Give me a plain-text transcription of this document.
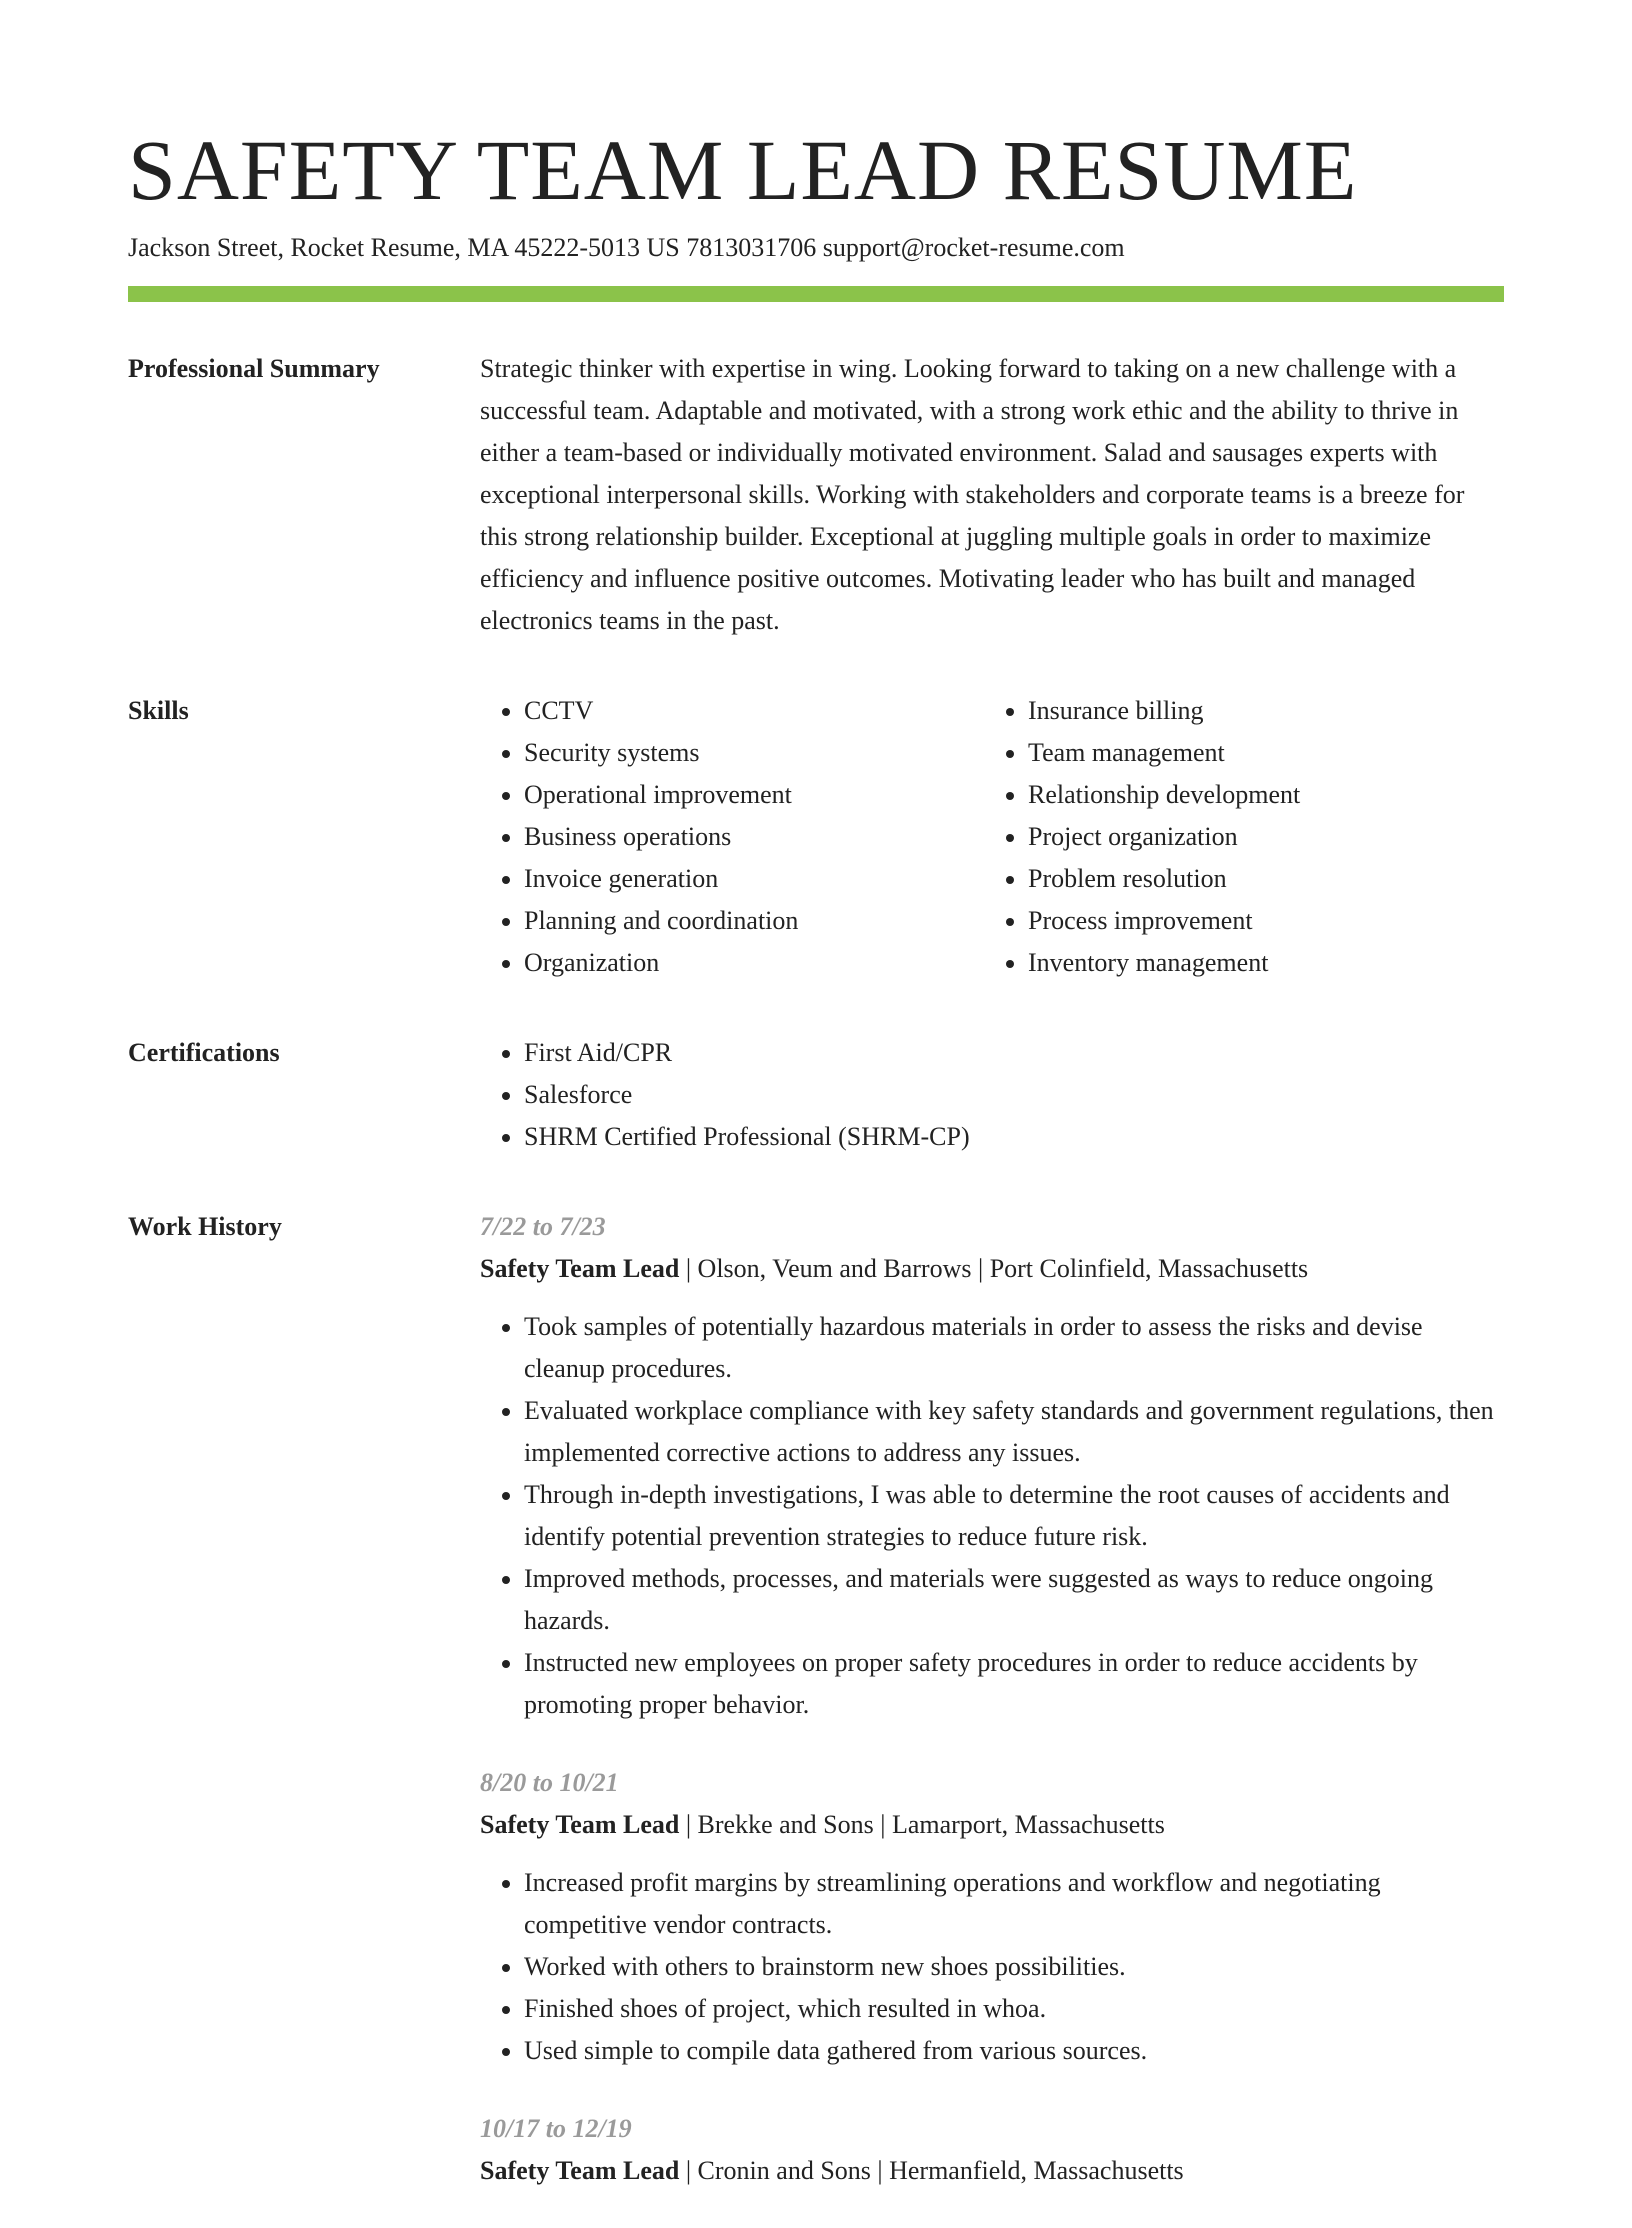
SAFETY TEAM LEAD RESUME
Jackson Street, Rocket Resume, MA 45222-5013 US 7813031706 support@rocket-resume.com
Professional Summary	Strategic thinker with expertise in wing. Looking forward to taking on a new challenge with a successful team. Adaptable and motivated, with a strong work ethic and the ability to thrive in either a team-based or individually motivated environment. Salad and sausages experts with exceptional interpersonal skills. Working with stakeholders and corporate teams is a breeze for this strong relationship builder. Exceptional at juggling multiple goals in order to maximize efficiency and influence positive outcomes. Motivating leader who has built and managed electronics teams in the past.

Skills	• CCTV
• Security systems
• Operational improvement
• Business operations
• Invoice generation
• Planning and coordination
• Organization
• Insurance billing
• Team management
• Relationship development
• Project organization
• Problem resolution
• Process improvement
• Inventory management
Certifications	• First Aid/CPR
• Salesforce
• SHRM Certified Professional (SHRM-CP)
Work History	7/22 to 7/23
Safety Team Lead | Olson, Veum and Barrows | Port Colinfield, Massachusetts
• Took samples of potentially hazardous materials in order to assess the risks and devise cleanup procedures.
• Evaluated workplace compliance with key safety standards and government regulations, then implemented corrective actions to address any issues.
• Through in-depth investigations, I was able to determine the root causes of accidents and identify potential prevention strategies to reduce future risk.
• Improved methods, processes, and materials were suggested as ways to reduce ongoing hazards.
• Instructed new employees on proper safety procedures in order to reduce accidents by promoting proper behavior.
8/20 to 10/21
Safety Team Lead | Brekke and Sons | Lamarport, Massachusetts
• Increased profit margins by streamlining operations and workflow and negotiating competitive vendor contracts.
• Worked with others to brainstorm new shoes possibilities.
• Finished shoes of project, which resulted in whoa.
• Used simple to compile data gathered from various sources.
10/17 to 12/19
Safety Team Lead | Cronin and Sons | Hermanfield, Massachusetts
